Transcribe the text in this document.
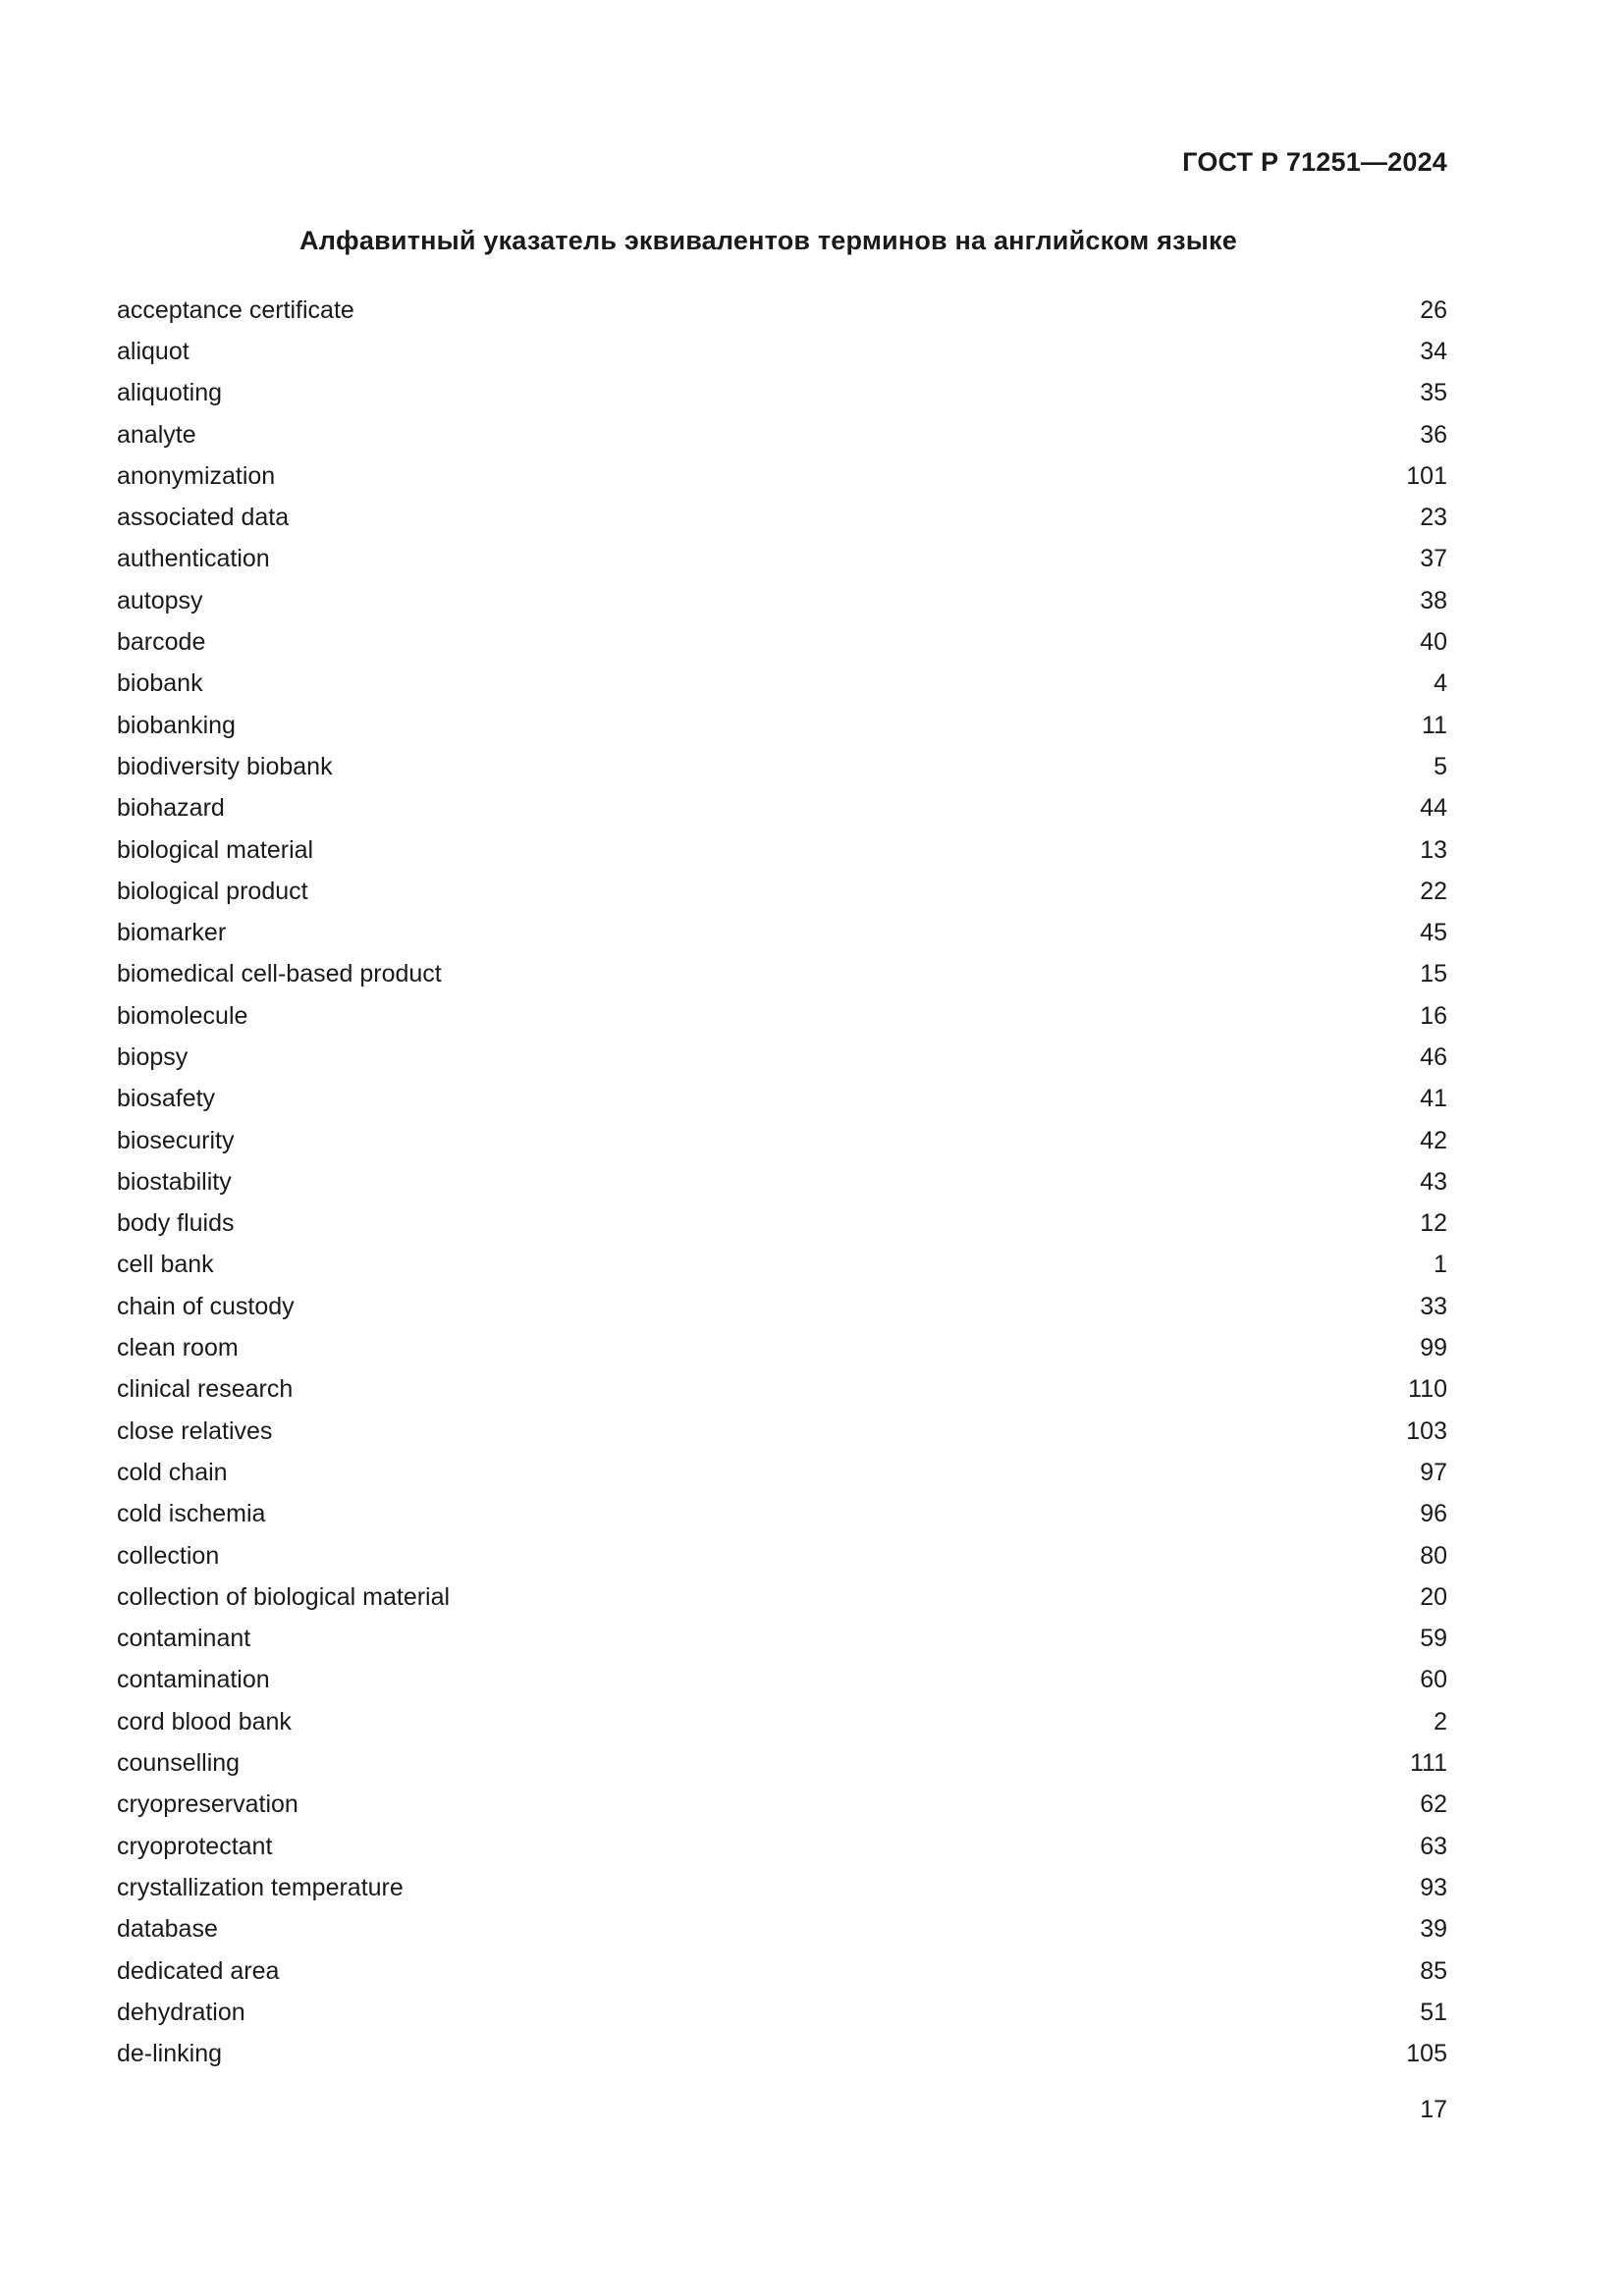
ГОСТ Р 71251—2024
Алфавитный указатель эквивалентов терминов на английском языке
acceptance certificate	26
aliquot	34
aliquoting	35
analyte	36
anonymization	101
associated data	23
authentication	37
autopsy	38
barcode	40
biobank	4
biobanking	11
biodiversity biobank	5
biohazard	44
biological material	13
biological product	22
biomarker	45
biomedical cell-based product	15
biomolecule	16
biopsy	46
biosafety	41
biosecurity	42
biostability	43
body fluids	12
cell bank	1
chain of custody	33
clean room	99
clinical research	110
close relatives	103
cold chain	97
cold ischemia	96
collection	80
collection of biological material	20
contaminant	59
contamination	60
cord blood bank	2
counselling	111
cryopreservation	62
cryoprotectant	63
crystallization temperature	93
database	39
dedicated area	85
dehydration	51
de-linking	105
17
